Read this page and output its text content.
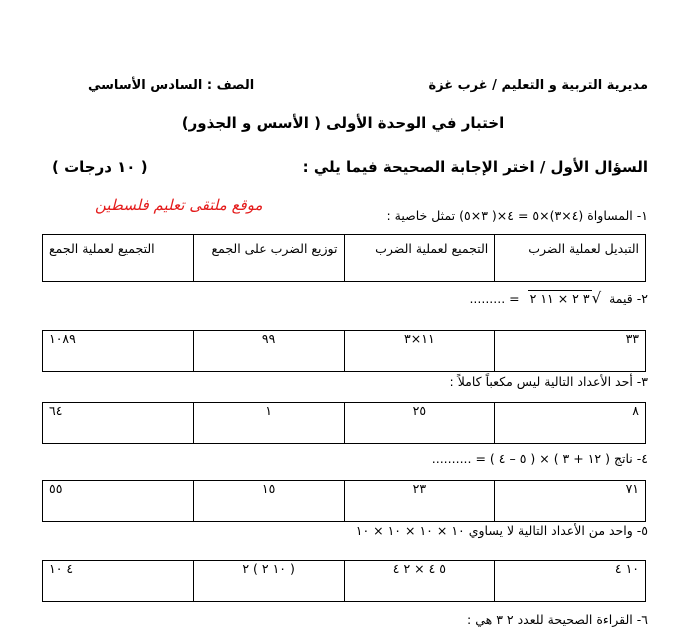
مديرية التربية و التعليم / غرب غزة
الصف : السادس الأساسي
اختبار في الوحدة الأولى ( الأسس و الجذور)
السؤال الأول / اختر الإجابة الصحيحة فيما يلي :
( ١٠ درجات )
موقع ملتقى تعليم فلسطين
١- المساواة (٤×٣)×٥ = ٤×( ٣×٥) تمثل خاصية :
التبديل لعملية الضرب	التجميع لعملية الضرب	توزيع الضرب على الجمع	التجميع لعملية الجمع
٢- قيمة  √٣ ٢ × ١١ ٢  = .........
٣٣	١١×٣	٩٩	١٠٨٩
٣- أحد الأعداد التالية ليس مكعباً كاملاً :
٨	٢٥	١	٦٤
٤- ناتج ( ١٢ + ٣ ) × ( ٥ – ٤ ) = ..........
٧١	٢٣	١٥	٥٥
٥- واحد من الأعداد التالية لا يساوي ١٠ × ١٠ × ١٠ × ١٠
١٠ ٤	٥ ٤ × ٢ ٤	( ١٠ ٢ ) ٢	٤ ١٠
٦- القراءة الصحيحة للعدد ٢ ٣ هي :
